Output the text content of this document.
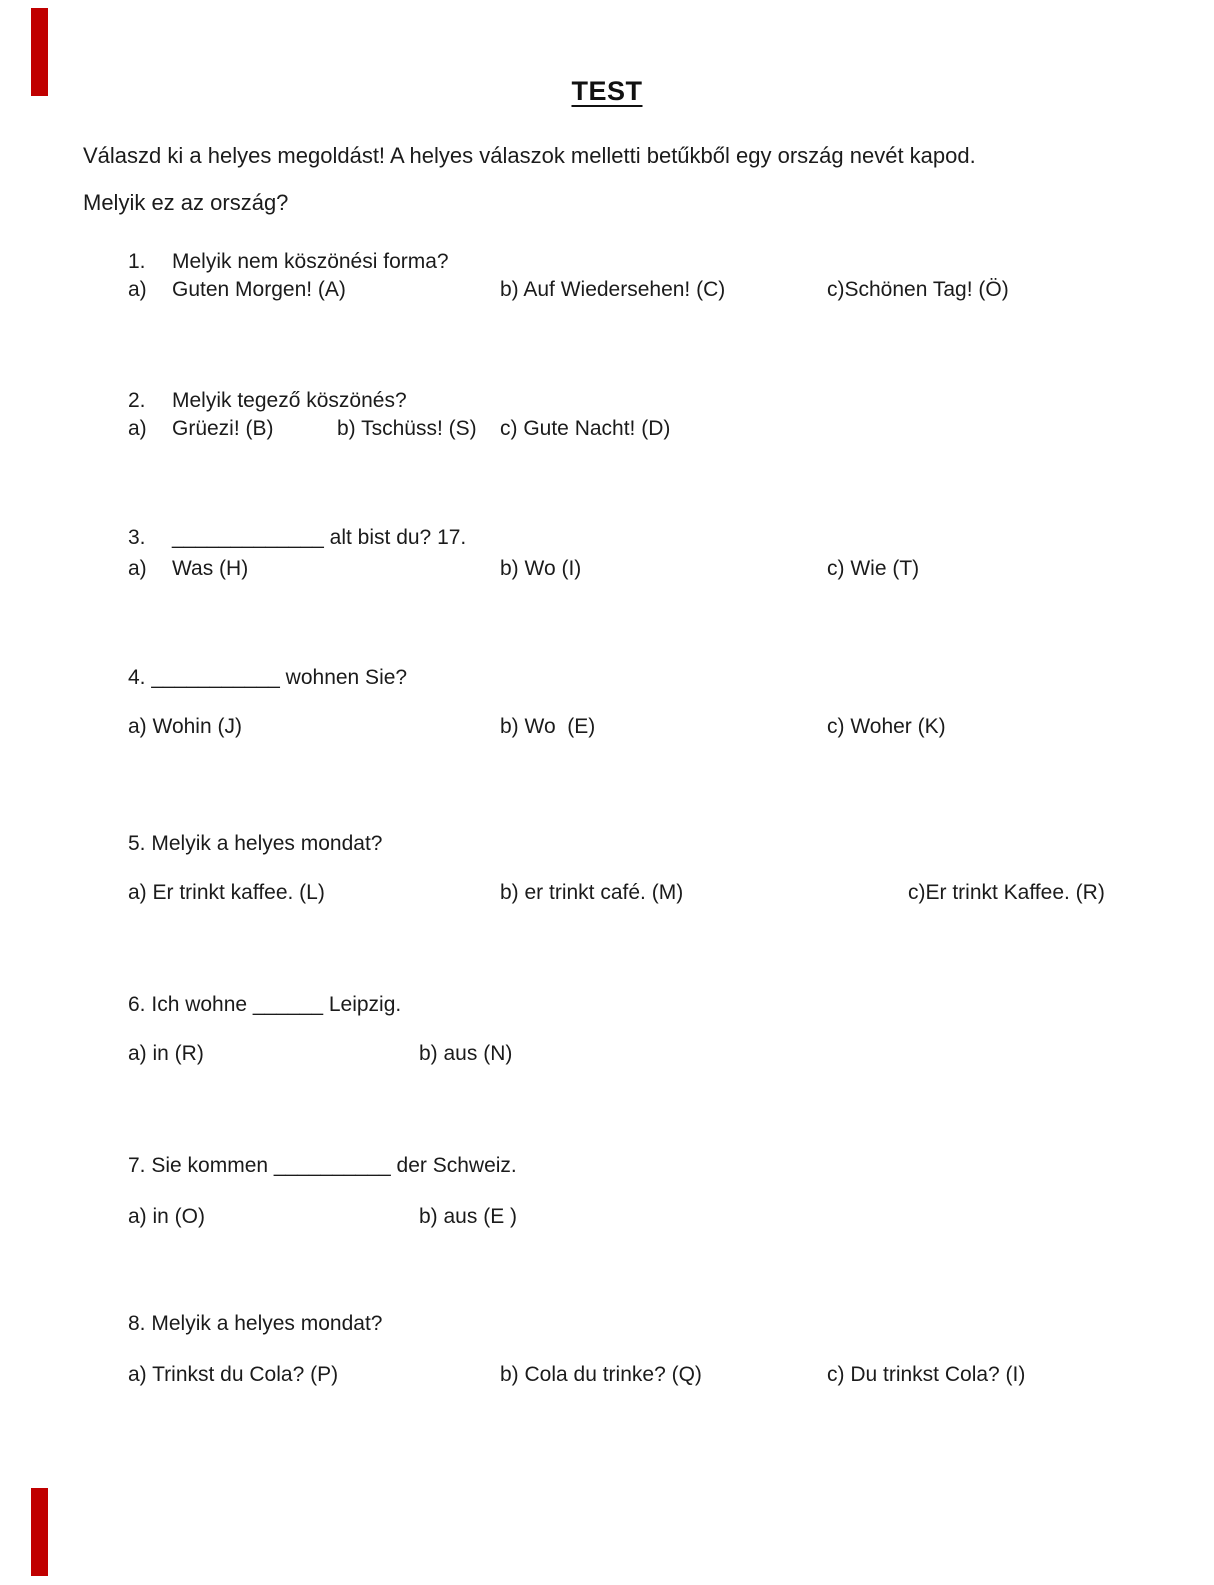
TEST
Válaszd ki a helyes megoldást! A helyes válaszok melletti betűkből egy ország nevét kapod.
Melyik ez az ország?
1. Melyik nem köszönési forma?
a) Guten Morgen! (A)	b) Auf Wiedersehen! (C)	c)Schönen Tag! (Ö)
2. Melyik tegező köszönés?
a) Grüezi! (B)	b) Tschüss! (S) c) Gute Nacht! (D)
3. _____________ alt bist du? 17.
a) Was (H)	b) Wo (I)	c) Wie (T)
4. ___________ wohnen Sie?
a) Wohin (J)	b) Wo  (E)	c) Woher (K)
5. Melyik a helyes mondat?
a) Er trinkt kaffee. (L)	b) er trinkt café. (M)	c)Er trinkt Kaffee. (R)
6. Ich wohne ______ Leipzig.
a) in (R)	b) aus (N)
7. Sie kommen __________ der Schweiz.
a) in (O)	b) aus (E )
8. Melyik a helyes mondat?
a) Trinkst du Cola? (P)	b) Cola du trinke? (Q)	c) Du trinkst Cola? (I)
